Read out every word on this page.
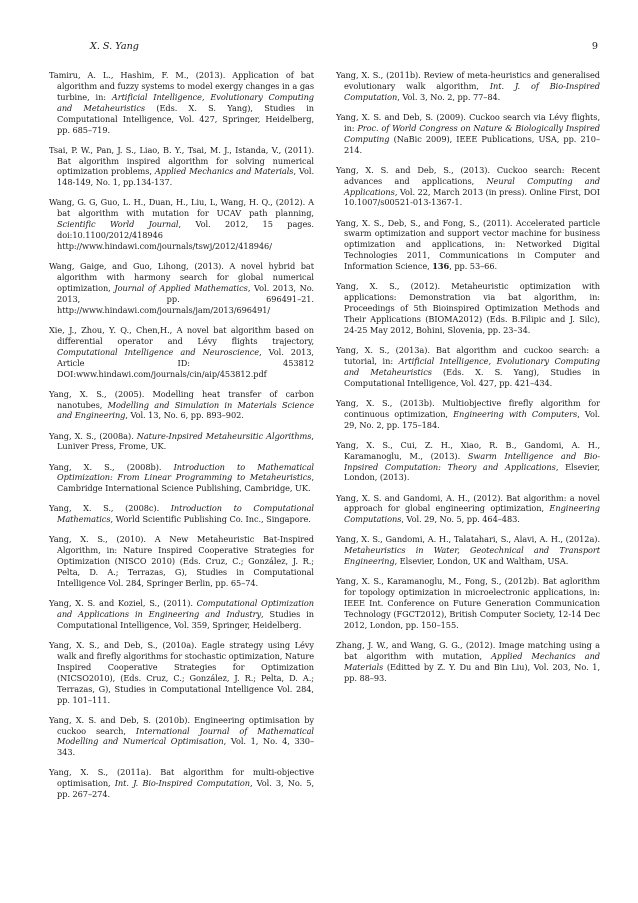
X. S. Yang	9

Tamiru, A. L., Hashim, F. M., (2013). Application of bat algorithm and fuzzy systems to model exergy changes in a gas turbine, in: Artificial Intelligence, Evolutionary Computing and Metaheuristics (Eds. X. S. Yang), Studies in Computational Intelligence, Vol. 427, Springer, Heidelberg, pp. 685–719.

Tsai, P. W., Pan, J. S., Liao, B. Y., Tsai, M. J., Istanda, V., (2011). Bat algorithm inspired algorithm for solving numerical optimization problems, Applied Mechanics and Materials, Vol. 148-149, No. 1, pp.134-137.

Wang, G. G, Guo, L. H., Duan, H., Liu, L, Wang, H. Q., (2012). A bat algorithm with mutation for UCAV path planning, Scientific World Journal, Vol. 2012, 15 pages. doi:10.1100/2012/418946 http://www.hindawi.com/journals/tswj/2012/418946/

Wang, Gaige, and Guo, Lihong, (2013). A novel hybrid bat algorithm with harmony search for global numerical optimization, Journal of Applied Mathematics, Vol. 2013, No. 2013, pp. 696491–21. http://www.hindawi.com/journals/jam/2013/696491/

Xie, J., Zhou, Y. Q., Chen,H., A novel bat algorithm based on differential operator and Lévy flights trajectory, Computational Intelligence and Neuroscience, Vol. 2013, Article ID: 453812 DOI:www.hindawi.com/journals/cin/aip/453812.pdf

Yang, X. S., (2005). Modelling heat transfer of carbon nanotubes, Modelling and Simulation in Materials Science and Engineering, Vol. 13, No. 6, pp. 893–902.

Yang, X. S., (2008a). Nature-Inpsired Metaheursitic Algorithms, Luniver Press, Frome, UK.

Yang, X. S., (2008b). Introduction to Mathematical Optimization: From Linear Programming to Metaheuristics, Cambridge International Science Publishing, Cambridge, UK.

Yang, X. S., (2008c). Introduction to Computational Mathematics, World Scientific Publishing Co. Inc., Singapore.

Yang, X. S., (2010). A New Metaheuristic Bat-Inspired Algorithm, in: Nature Inspired Cooperative Strategies for Optimization (NISCO 2010) (Eds. Cruz, C.; González, J. R.; Pelta, D. A.; Terrazas, G), Studies in Computational Intelligence Vol. 284, Springer Berlin, pp. 65–74.

Yang, X. S. and Koziel, S., (2011). Computational Optimization and Applications in Engineering and Industry, Studies in Computational Intelligence, Vol. 359, Springer, Heidelberg.

Yang, X. S., and Deb, S., (2010a). Eagle strategy using Lévy walk and firefly algorithms for stochastic optimization, Nature Inspired Cooperative Strategies for Optimization (NICSO2010), (Eds. Cruz, C.; González, J. R.; Pelta, D. A.; Terrazas, G), Studies in Computational Intelligence Vol. 284, pp. 101–111.

Yang, X. S. and Deb, S. (2010b). Engineering optimisation by cuckoo search, International Journal of Mathematical Modelling and Numerical Optimisation, Vol. 1, No. 4, 330–343.

Yang, X. S., (2011a). Bat algorithm for multi-objective optimisation, Int. J. Bio-Inspired Computation, Vol. 3, No. 5, pp. 267–274.

Yang, X. S., (2011b). Review of meta-heuristics and generalised evolutionary walk algorithm, Int. J. of Bio-Inspired Computation, Vol. 3, No. 2, pp. 77–84.

Yang, X. S. and Deb, S. (2009). Cuckoo search via Lévy flights, in: Proc. of World Congress on Nature & Biologically Inspired Computing (NaBic 2009), IEEE Publications, USA, pp. 210–214.

Yang, X. S. and Deb, S., (2013). Cuckoo search: Recent advances and applications, Neural Computing and Applications, Vol. 22, March 2013 (in press). Online First, DOI 10.1007/s00521-013-1367-1.

Yang, X. S., Deb, S., and Fong, S., (2011). Accelerated particle swarm optimization and support vector machine for business optimization and applications, in: Networked Digital Technologies 2011, Communications in Computer and Information Science, 136, pp. 53–66.

Yang, X. S., (2012). Metaheuristic optimization with applications: Demonstration via bat algorithm, in: Proceedings of 5th Bioinspired Optimization Methods and Their Applications (BIOMA2012) (Eds. B.Filipic and J. Silc), 24-25 May 2012, Bohini, Slovenia, pp. 23–34.

Yang, X. S., (2013a). Bat algorithm and cuckoo search: a tutorial, in: Artificial Intelligence, Evolutionary Computing and Metaheuristics (Eds. X. S. Yang), Studies in Computational Intelligence, Vol. 427, pp. 421–434.

Yang, X. S., (2013b). Multiobjective firefly algorithm for continuous optimization, Engineering with Computers, Vol. 29, No. 2, pp. 175–184.

Yang, X. S., Cui, Z. H., Xiao, R. B., Gandomi, A. H., Karamanoglu, M., (2013). Swarm Intelligence and Bio-Inpsired Computation: Theory and Applications, Elsevier, London, (2013).

Yang, X. S. and Gandomi, A. H., (2012). Bat algorithm: a novel approach for global engineering optimization, Engineering Computations, Vol. 29, No. 5, pp. 464–483.

Yang, X. S., Gandomi, A. H., Talatahari, S., Alavi, A. H., (2012a). Metaheuristics in Water, Geotechnical and Transport Engineering, Elsevier, London, UK and Waltham, USA.

Yang, X. S., Karamanoglu, M., Fong, S., (2012b). Bat aglorithm for topology optimization in microelectronic applications, in: IEEE Int. Conference on Future Generation Communication Technology (FGCT2012), British Computer Society, 12-14 Dec 2012, London, pp. 150–155.

Zhang, J. W., and Wang, G. G., (2012). Image matching using a bat algorithm with mutation, Applied Mechanics and Materials (Editted by Z. Y. Du and Bin Liu), Vol. 203, No. 1, pp. 88–93.
